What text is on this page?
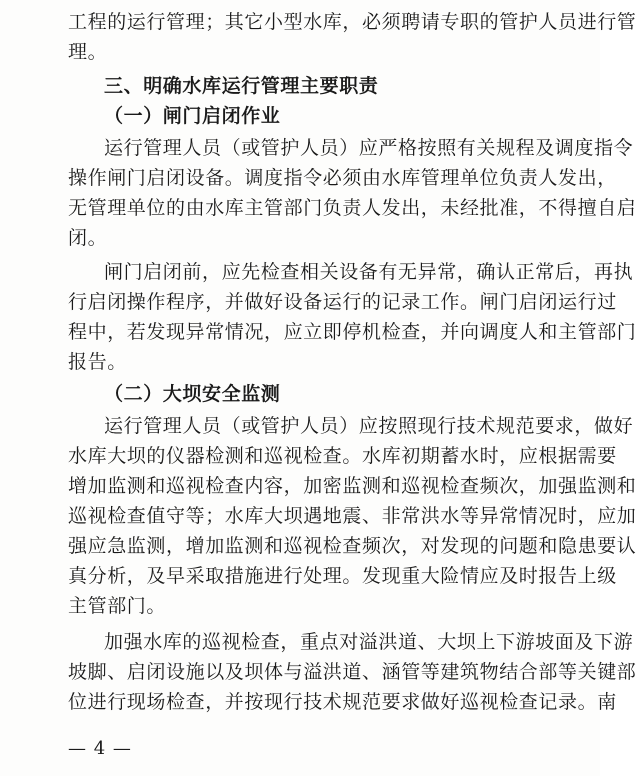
工程的运行管理；其它小型水库，必须聘请专职的管护人员进行管
理。
三、明确水库运行管理主要职责
（一）闸门启闭作业
运行管理人员（或管护人员）应严格按照有关规程及调度指令
操作闸门启闭设备。调度指令必须由水库管理单位负责人发出，
无管理单位的由水库主管部门负责人发出，未经批准，不得擅自启
闭。
闸门启闭前，应先检查相关设备有无异常，确认正常后，再执
行启闭操作程序，并做好设备运行的记录工作。闸门启闭运行过
程中，若发现异常情况，应立即停机检查，并向调度人和主管部门
报告。
（二）大坝安全监测
运行管理人员（或管护人员）应按照现行技术规范要求，做好
水库大坝的仪器检测和巡视检查。水库初期蓄水时，应根据需要
增加监测和巡视检查内容，加密监测和巡视检查频次，加强监测和
巡视检查值守等；水库大坝遇地震、非常洪水等异常情况时，应加
强应急监测，增加监测和巡视检查频次，对发现的问题和隐患要认
真分析，及早采取措施进行处理。发现重大险情应及时报告上级
主管部门。
— 4 —
加强水库的巡视检查，重点对溢洪道、大坝上下游坡面及下游
坡脚、启闭设施以及坝体与溢洪道、涵管等建筑物结合部等关键部
位进行现场检查，并按现行技术规范要求做好巡视检查记录。南
